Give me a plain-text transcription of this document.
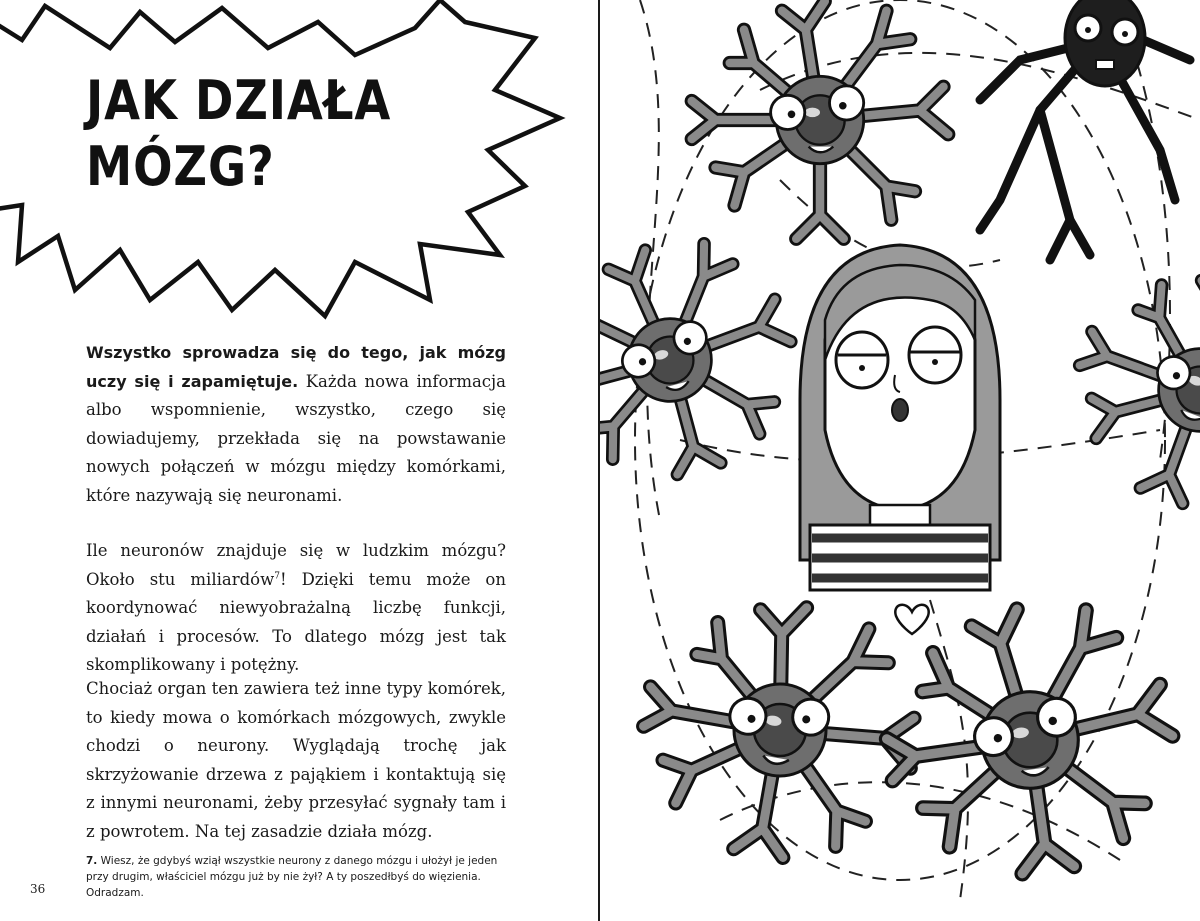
JAK DZIAŁA
MÓZG?

Wszystko sprowadza się do tego, jak mózg uczy się i zapamiętuje. Każda nowa informacja albo wspomnienie, wszystko, czego się dowiadujemy, przekłada się na powstawanie nowych połączeń w mózgu między komórkami, które nazywają się neuronami.

Ile neuronów znajduje się w ludzkim mózgu? Około stu miliardów$^7$! Dzięki temu może on koordynować niewyobrażalną liczbę funkcji, działań i procesów. To dlatego mózg jest tak skomplikowany i potężny.

Chociaż organ ten zawiera też inne typy komórek, to kiedy mowa o komórkach mózgowych, zwykle chodzi o neurony. Wyglądają trochę jak skrzyżowanie drzewa z pająkiem i kontaktują się z innymi neuronami, żeby przesyłać sygnały tam i z powrotem. Na tej zasadzie działa mózg.

7. Wiesz, że gdybyś wziął wszystkie neurony z danego mózgu i ułożył je jeden przy drugim, właściciel mózgu już by nie żył? A ty poszedłbyś do więzienia. Odradzam.

36
